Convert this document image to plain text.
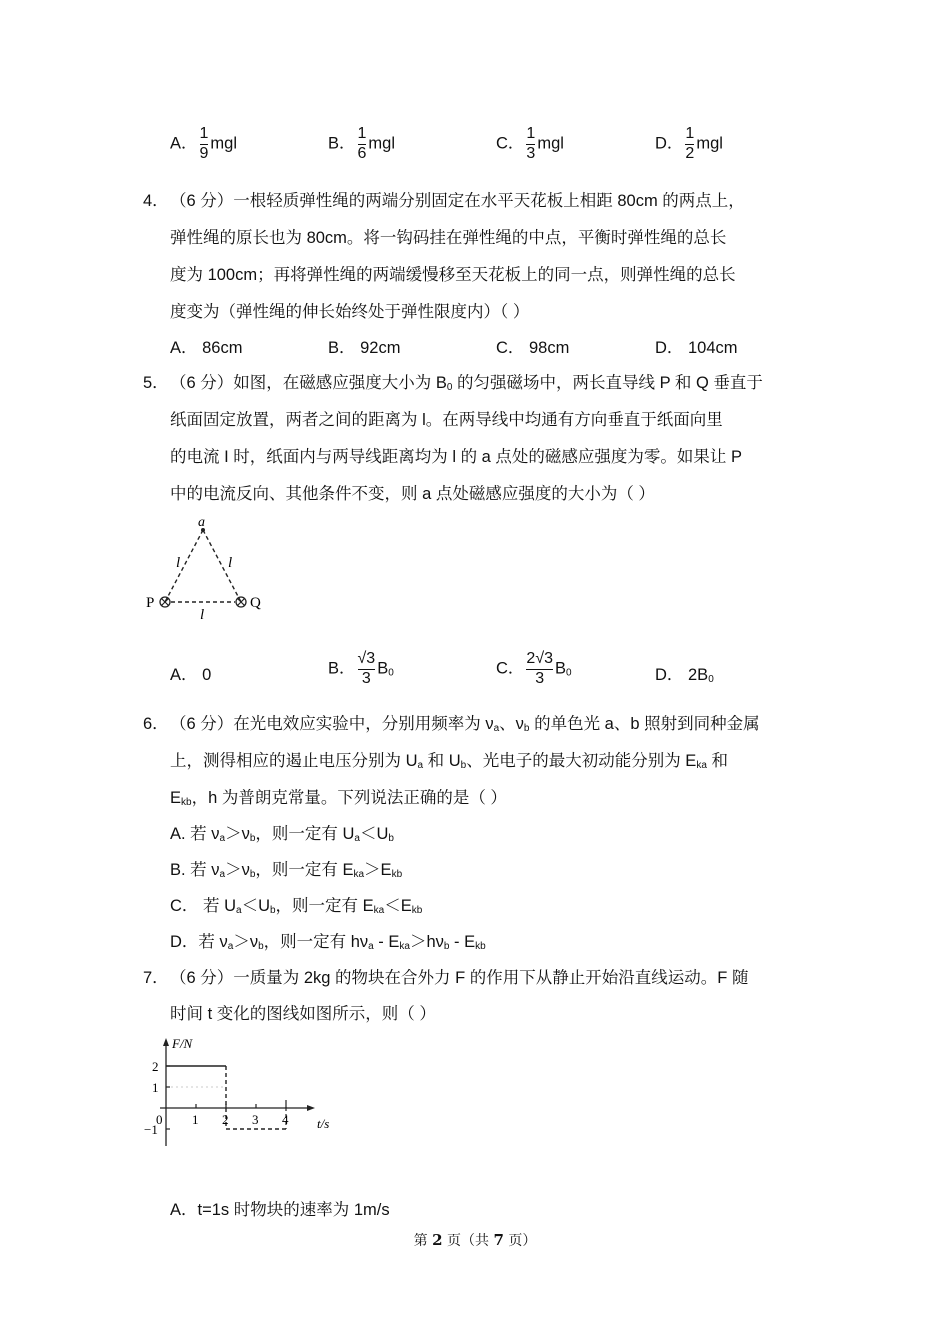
A． $\frac{1}{9}$ mgl	B． $\frac{1}{6}$ mgl	C． $\frac{1}{3}$ mgl	D． $\frac{1}{2}$ mgl
4． （6 分）一根轻质弹性绳的两端分别固定在水平天花板上相距 80cm 的两点上，
弹性绳的原长也为 80cm。将一钩码挂在弹性绳的中点，平衡时弹性绳的总长
度为 100cm；再将弹性绳的两端缓慢移至天花板上的同一点，则弹性绳的总长
度变为（弹性绳的伸长始终处于弹性限度内）（ ）
A． 86cm	B． 92cm	C． 98cm	D． 104cm
5． （6 分）如图，在磁感应强度大小为 $B_0$ 的匀强磁场中，两长直导线 P 和 Q 垂直于
纸面固定放置，两者之间的距离为 l。在两导线中均通有方向垂直于纸面向里
的电流 I 时，纸面内与两导线距离均为 l 的 a 点处的磁感应强度为零。如果让 P
中的电流反向、其他条件不变，则 a 点处磁感应强度的大小为（ ）
a
P	Q
l	l
l
A． 0	B． $\frac{√3}{3} B_0$	C． $\frac{2√3}{3} B_0$	D． $2B_0$
6． （6 分）在光电效应实验中，分别用频率为 $\nu_a$、$\nu_b$ 的单色光 a、b 照射到同种金属
上，测得相应的遏止电压分别为 $U_a$ 和 $U_b$、光电子的最大初动能分别为 $E_{ka}$ 和
$E_{kb}$，h 为普朗克常量。下列说法正确的是（ ）
A. 若 $\nu_a>\nu_b$，则一定有 $U_a<U_b$
B. 若 $\nu_a>\nu_b$，则一定有 $E_{ka}>E_{kb}$
C． 若 $U_a<U_b$，则一定有 $E_{ka}<E_{kb}$
D．若 $\nu_a>\nu_b$，则一定有 $h\nu_a - E_{ka}>h\nu_b - E_{kb}$
7． （6 分）一质量为 2kg 的物块在合外力 F 的作用下从静止开始沿直线运动。F 随
时间 t 变化的图线如图所示，则（ ）
F/N
t/s
0 1 2 3 4
2
1
−1
A．t=1s 时物块的速率为 1m/s
第 2 页（共 7 页）
